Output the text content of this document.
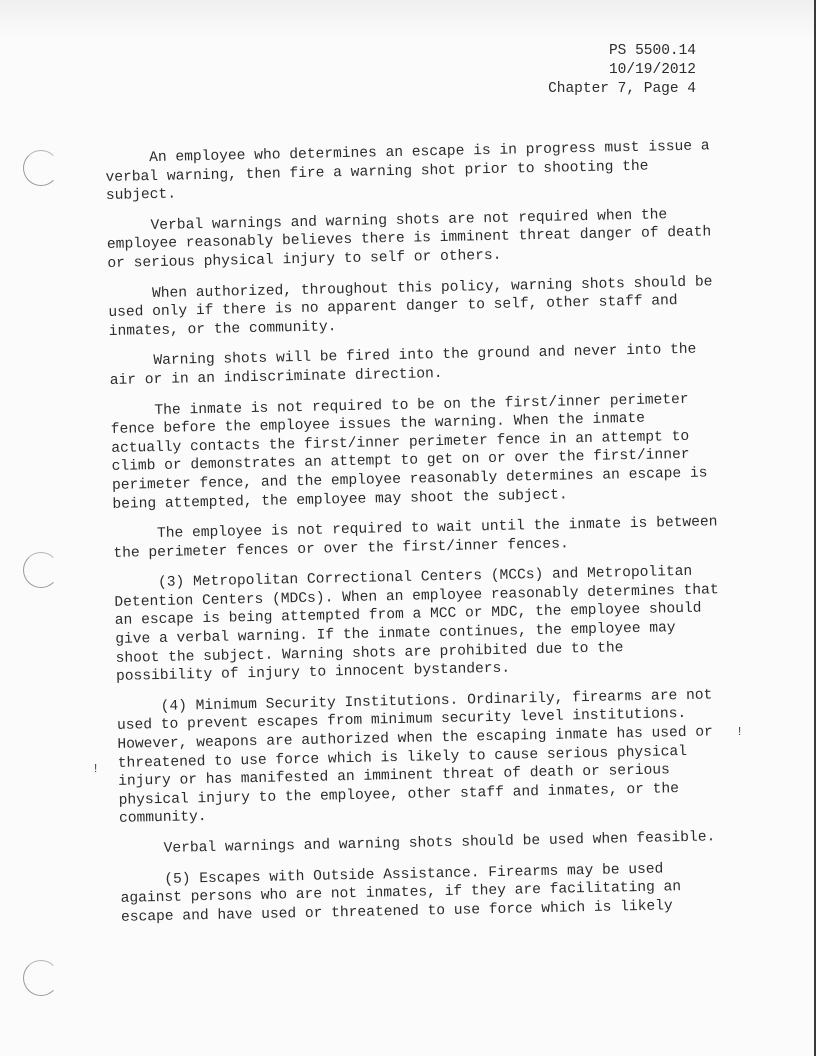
PS 5500.14
10/19/2012
Chapter 7, Page 4

An employee who determines an escape is in progress must issue a verbal warning, then fire a warning shot prior to shooting the subject.

Verbal warnings and warning shots are not required when the employee reasonably believes there is imminent threat danger of death or serious physical injury to self or others.

When authorized, throughout this policy, warning shots should be used only if there is no apparent danger to self, other staff and inmates, or the community.

Warning shots will be fired into the ground and never into the air or in an indiscriminate direction.

The inmate is not required to be on the first/inner perimeter fence before the employee issues the warning. When the inmate actually contacts the first/inner perimeter fence in an attempt to climb or demonstrates an attempt to get on or over the first/inner perimeter fence, and the employee reasonably determines an escape is being attempted, the employee may shoot the subject.

The employee is not required to wait until the inmate is between the perimeter fences or over the first/inner fences.

(3) Metropolitan Correctional Centers (MCCs) and Metropolitan Detention Centers (MDCs). When an employee reasonably determines that an escape is being attempted from a MCC or MDC, the employee should give a verbal warning. If the inmate continues, the employee may shoot the subject. Warning shots are prohibited due to the possibility of injury to innocent bystanders.

(4) Minimum Security Institutions. Ordinarily, firearms are not used to prevent escapes from minimum security level institutions. However, weapons are authorized when the escaping inmate has used or threatened to use force which is likely to cause serious physical injury or has manifested an imminent threat of death or serious physical injury to the employee, other staff and inmates, or the community.

Verbal warnings and warning shots should be used when feasible.

(5) Escapes with Outside Assistance. Firearms may be used against persons who are not inmates, if they are facilitating an escape and have used or threatened to use force which is likely

!
!
